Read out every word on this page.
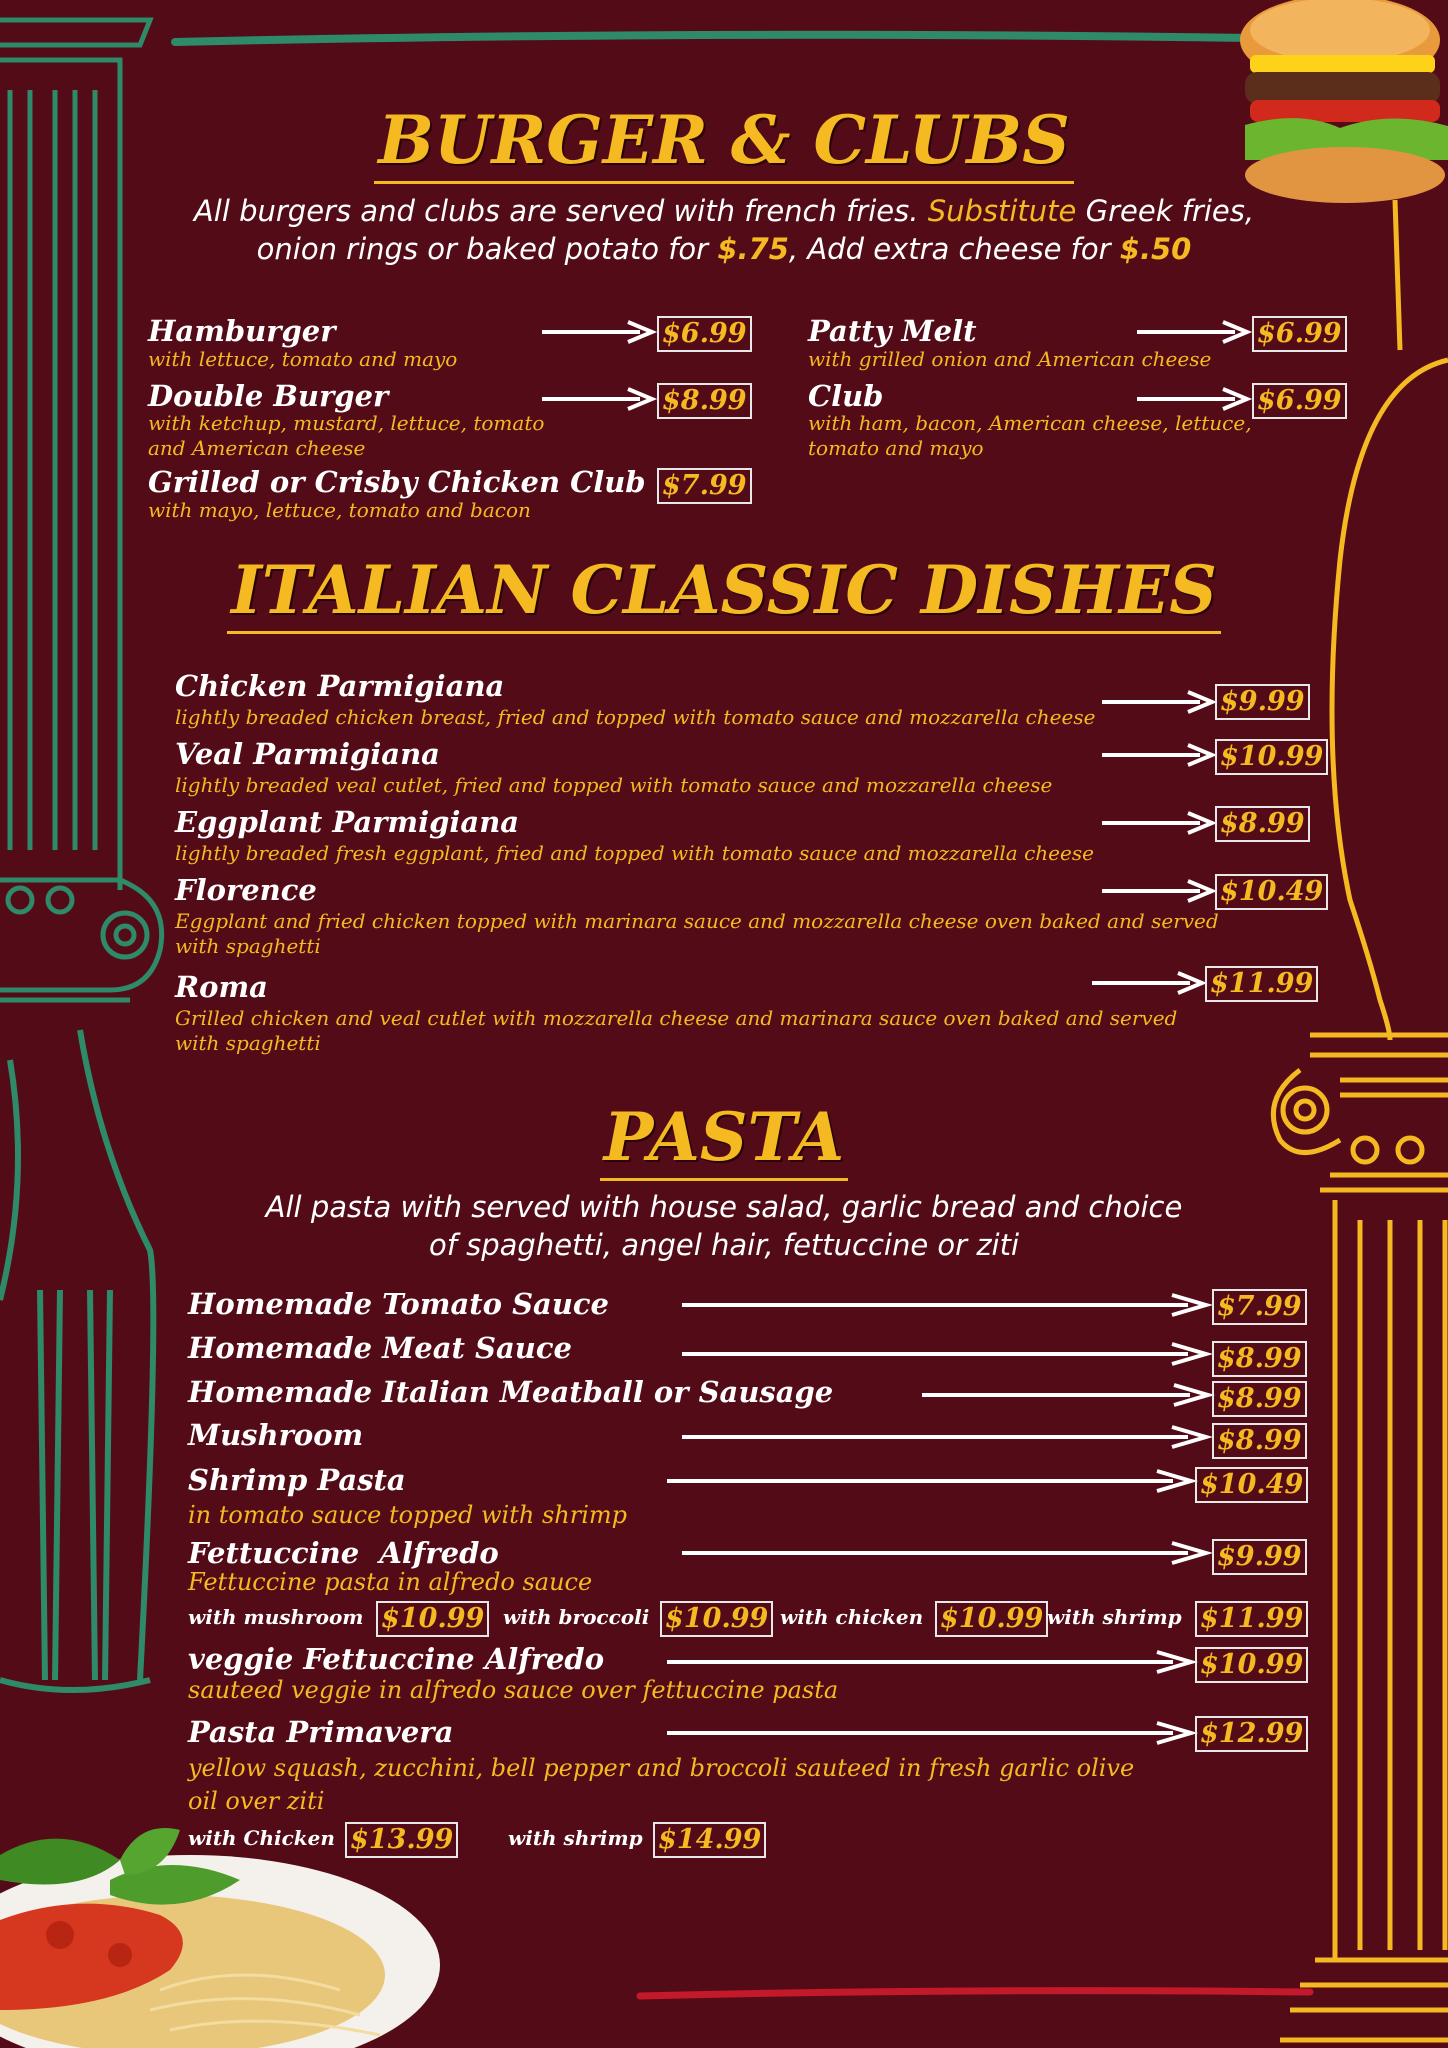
BURGER & CLUBS
All burgers and clubs are served with french fries. Substitute Greek fries,
onion rings or baked potato for $.75, Add extra cheese for $.50
Hamburger
with lettuce, tomato and mayo
$6.99
Double Burger
with ketchup, mustard, lettuce, tomato and American cheese
$8.99
Grilled or Crisby Chicken Club
with mayo, lettuce, tomato and bacon
$7.99
Patty Melt
with grilled onion and American cheese
$6.99
Club
with ham, bacon, American cheese, lettuce, tomato and mayo
$6.99
ITALIAN CLASSIC DISHES
Chicken Parmigiana
lightly breaded chicken breast, fried and topped with tomato sauce and mozzarella cheese	$9.99
Veal Parmigiana
lightly breaded veal cutlet, fried and topped with tomato sauce and mozzarella cheese
$10.99
Eggplant Parmigiana
lightly breaded fresh eggplant, fried and topped with tomato sauce and mozzarella cheese
$8.99
Florence
Eggplant and fried chicken topped with marinara sauce and mozzarella cheese oven baked and served with spaghetti
$10.49
Roma
Grilled chicken and veal cutlet with mozzarella cheese and marinara sauce oven baked and served with spaghetti
$11.99
PASTA
All pasta with served with house salad, garlic bread and choice
of spaghetti, angel hair, fettuccine or ziti
Homemade Tomato Sauce	$7.99
Homemade Meat Sauce	$8.99
Homemade Italian Meatball or Sausage	$8.99
Mushroom	$8.99
Shrimp Pasta
in tomato sauce topped with shrimp
$10.49
Fettuccine  Alfredo
Fettuccine pasta in alfredo sauce
$9.99
with mushroom $10.99 with broccoli $10.99 with chicken $10.99 with shrimp $11.99
veggie Fettuccine Alfredo
sauteed veggie in alfredo sauce over fettuccine pasta
$10.99
Pasta Primavera
yellow squash, zucchini, bell pepper and broccoli sauteed in fresh garlic olive oil over ziti
$12.99
with Chicken $13.99	with shrimp $14.99
